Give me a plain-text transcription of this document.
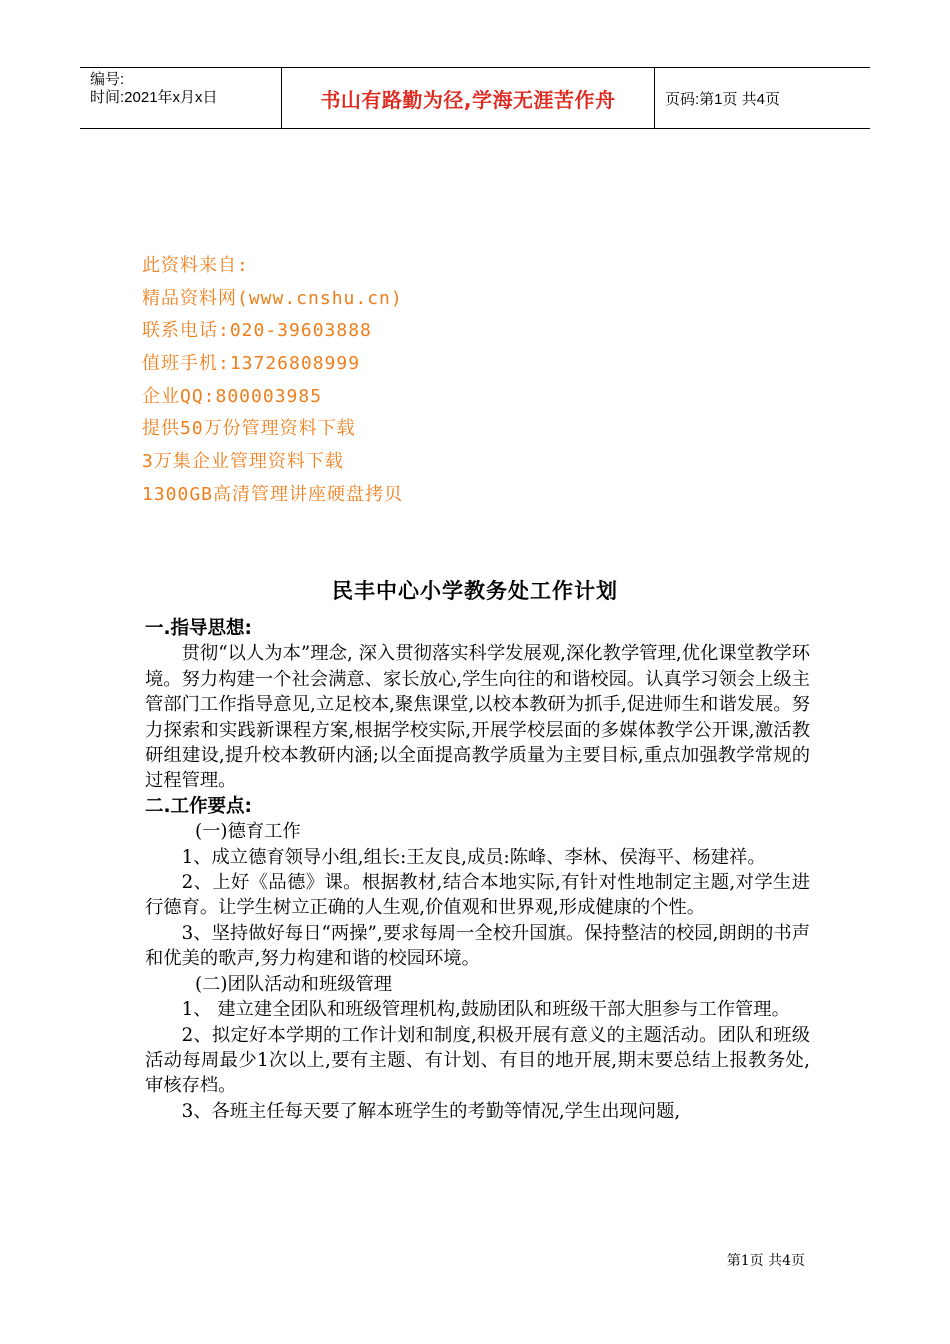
编号:
时间:2021年x月x日	书山有路勤为径,学海无涯苦作舟	页码:第1页 共4页
此资料来自:
精品资料网(www.cnshu.cn)
联系电话:020-39603888
值班手机:13726808999
企业QQ:800003985
提供50万份管理资料下载
3万集企业管理资料下载
1300GB高清管理讲座硬盘拷贝
民丰中心小学教务处工作计划

一.指导思想:

贯彻“以人为本”理念, 深入贯彻落实科学发展观,深化教学管理,优化课堂教学环境。努力构建一个社会满意、家长放心,学生向往的和谐校园。认真学习领会上级主管部门工作指导意见,立足校本,聚焦课堂,以校本教研为抓手,促进师生和谐发展。努力探索和实践新课程方案,根据学校实际,开展学校层面的多媒体教学公开课,激活教研组建设,提升校本教研内涵;以全面提高教学质量为主要目标,重点加强教学常规的过程管理。

二.工作要点:

(一)德育工作

1、成立德育领导小组,组长:王友良,成员:陈峰、李林、侯海平、杨建祥。

2、上好《品德》课。根据教材,结合本地实际,有针对性地制定主题,对学生进行德育。让学生树立正确的人生观,价值观和世界观,形成健康的个性。

3、坚持做好每日“两操”,要求每周一全校升国旗。保持整洁的校园,朗朗的书声和优美的歌声,努力构建和谐的校园环境。

(二)团队活动和班级管理

1、 建立建全团队和班级管理机构,鼓励团队和班级干部大胆参与工作管理。

2、拟定好本学期的工作计划和制度,积极开展有意义的主题活动。团队和班级活动每周最少1次以上,要有主题、有计划、有目的地开展,期末要总结上报教务处,审核存档。

3、各班主任每天要了解本班学生的考勤等情况,学生出现问题,

第1页 共4页
